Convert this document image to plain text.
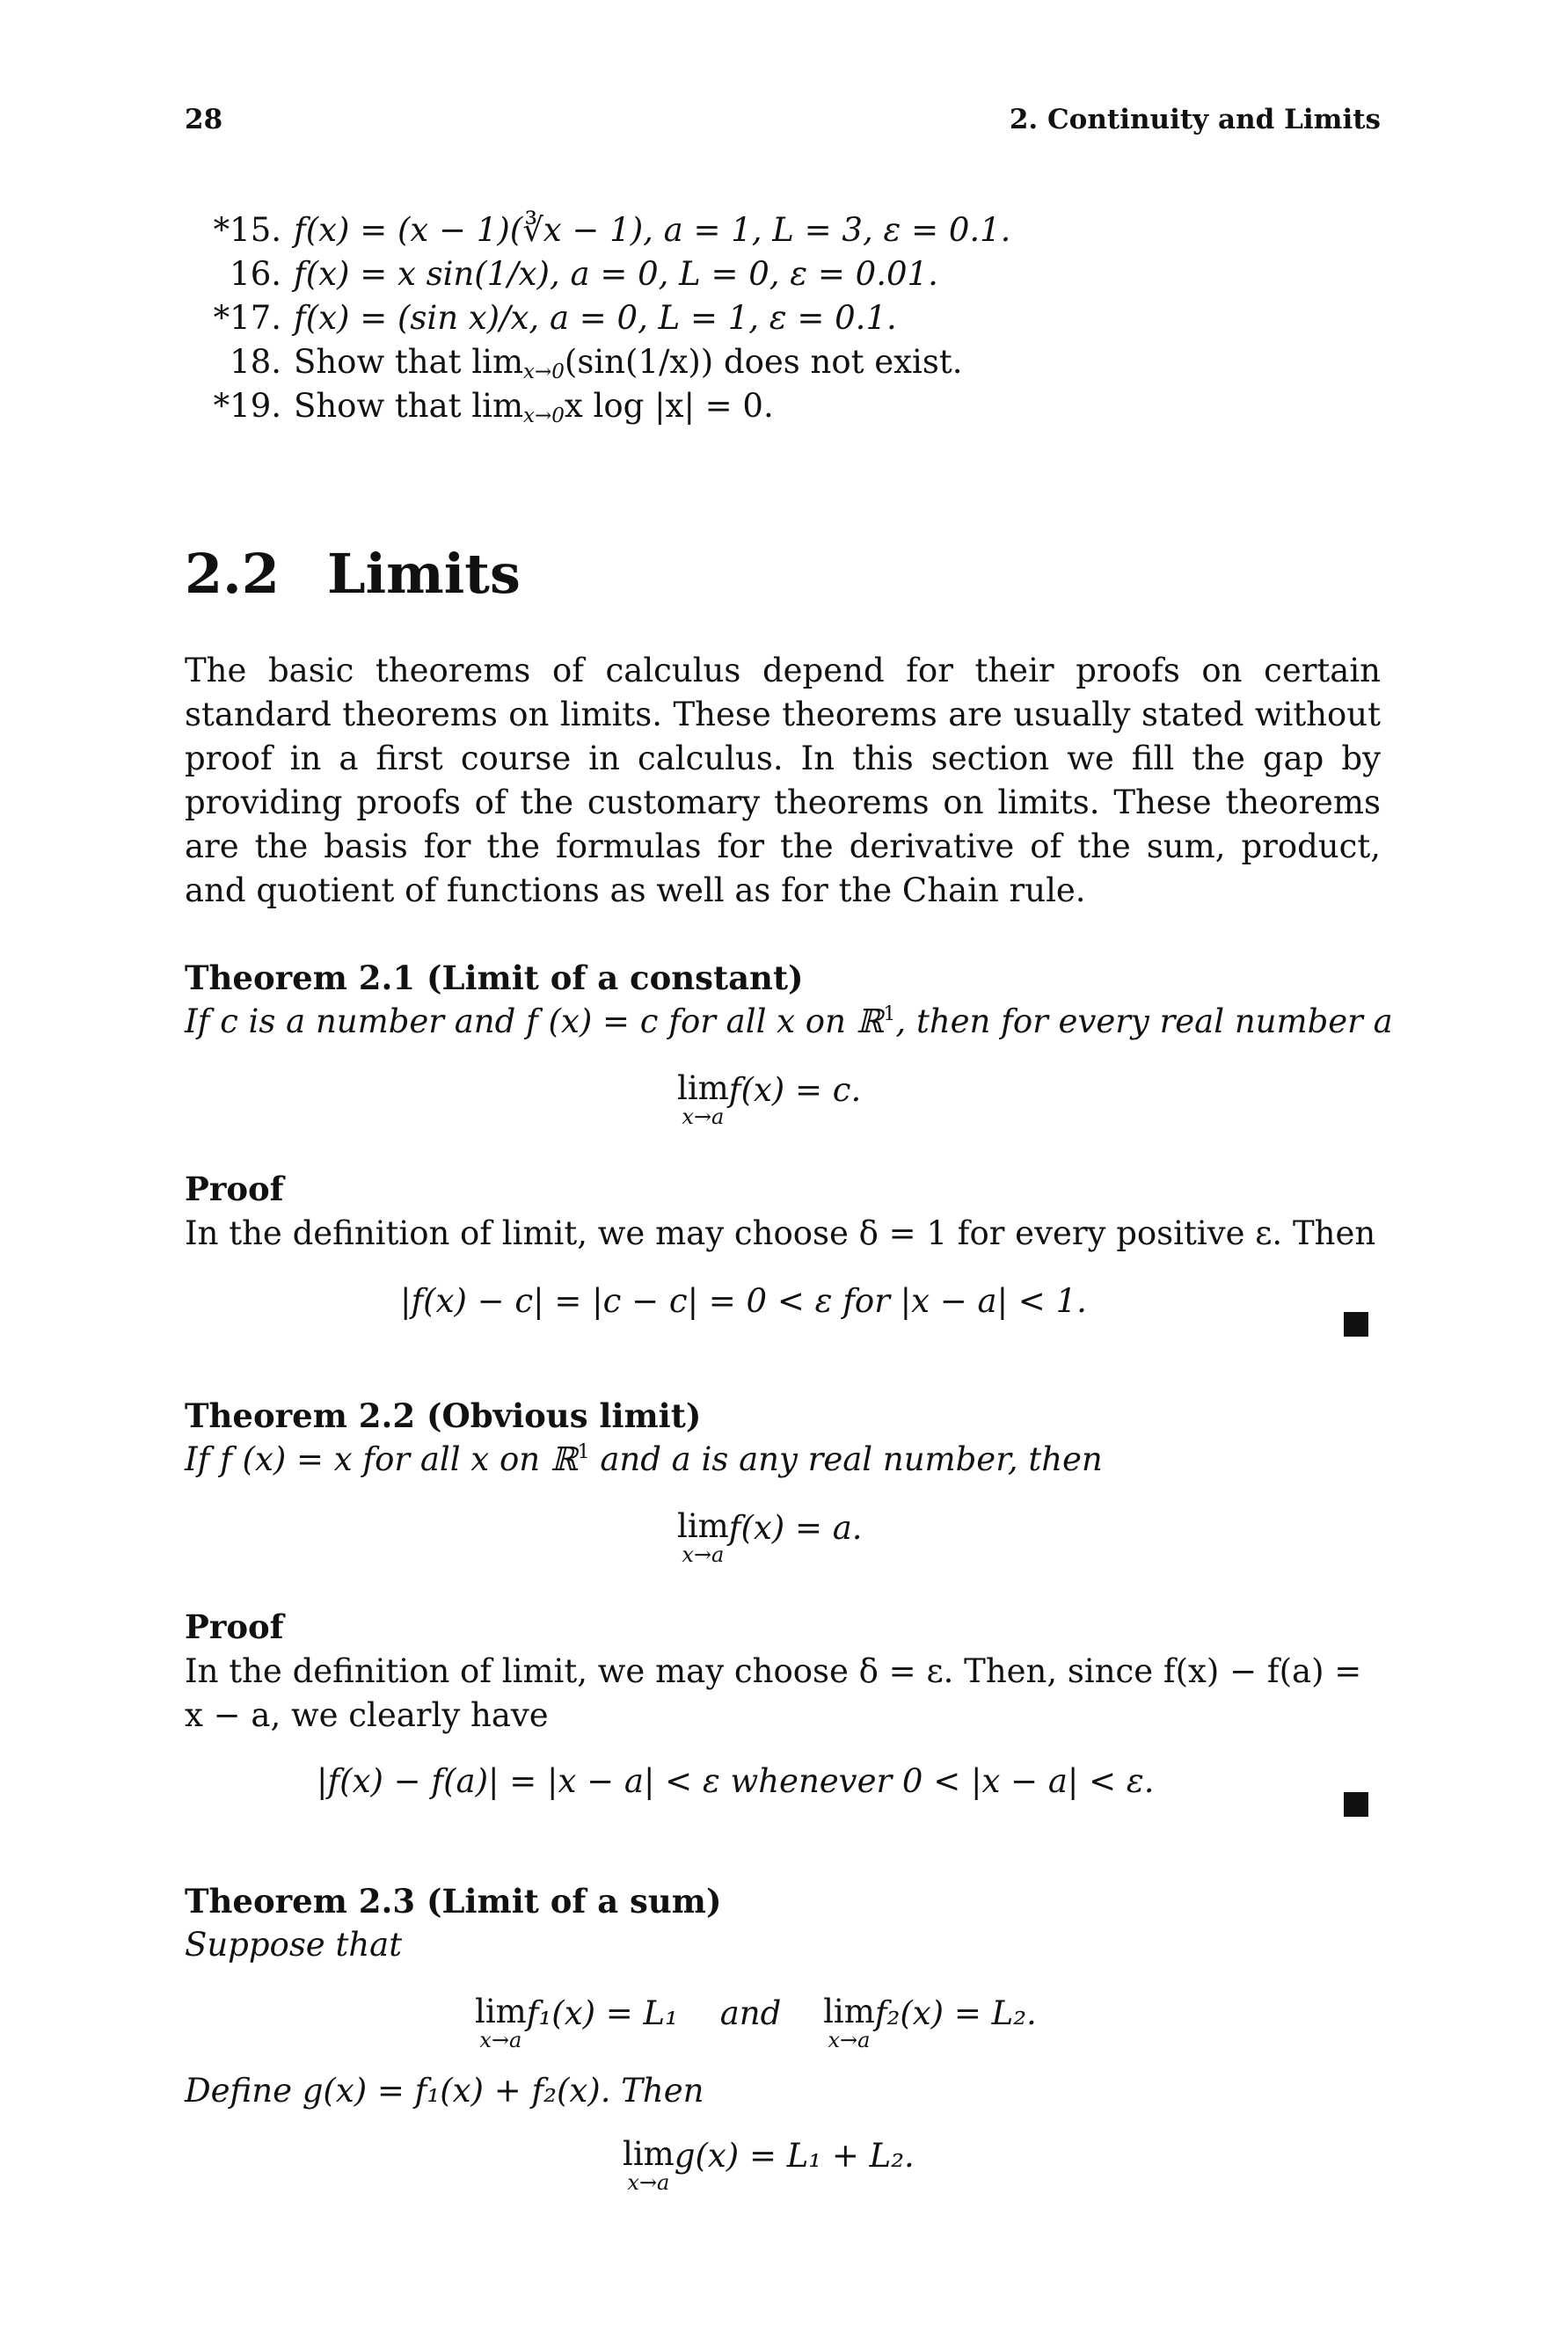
28	2. Continuity and Limits
*15. f(x) = (x − 1)(∛x − 1), a = 1, L = 3, ε = 0.1.
16. f(x) = x sin(1/x), a = 0, L = 0, ε = 0.01.
*17. f(x) = (sin x)/x, a = 0, L = 1, ε = 0.1.
18. Show that $\lim_{x\to 0}(\sin(1/x))$ does not exist.
*19. Show that $\lim_{x\to 0}x$ log |x| = 0.
2.2 Limits
The basic theorems of calculus depend for their proofs on certain standard theorems on limits. These theorems are usually stated without proof in a first course in calculus. In this section we fill the gap by providing proofs of the customary theorems on limits. These theorems are the basis for the formulas for the derivative of the sum, product, and quotient of functions as well as for the Chain rule.
Theorem 2.1 (Limit of a constant)
If c is a number and f (x) = c for all x on ℝ$^1$, then for every real number a
lim
x→a
f(x) = c.
Proof
In the definition of limit, we may choose δ = 1 for every positive ε. Then
|f(x) − c| = |c − c| = 0 < ε for |x − a| < 1.
Theorem 2.2 (Obvious limit)
If f (x) = x for all x on ℝ$^1$ and a is any real number, then
lim
x→a
f(x) = a.
Proof
In the definition of limit, we may choose δ = ε. Then, since f(x) − f(a) =
x − a, we clearly have
|f(x) − f(a)| = |x − a| < ε whenever 0 < |x − a| < ε.
Theorem 2.3 (Limit of a sum)
Suppose that
lim
x→a
f₁(x) = L₁ and lim
x→a
f₂(x) = L₂.
Define g(x) = f₁(x) + f₂(x). Then
lim
x→a
g(x) = L₁ + L₂.
